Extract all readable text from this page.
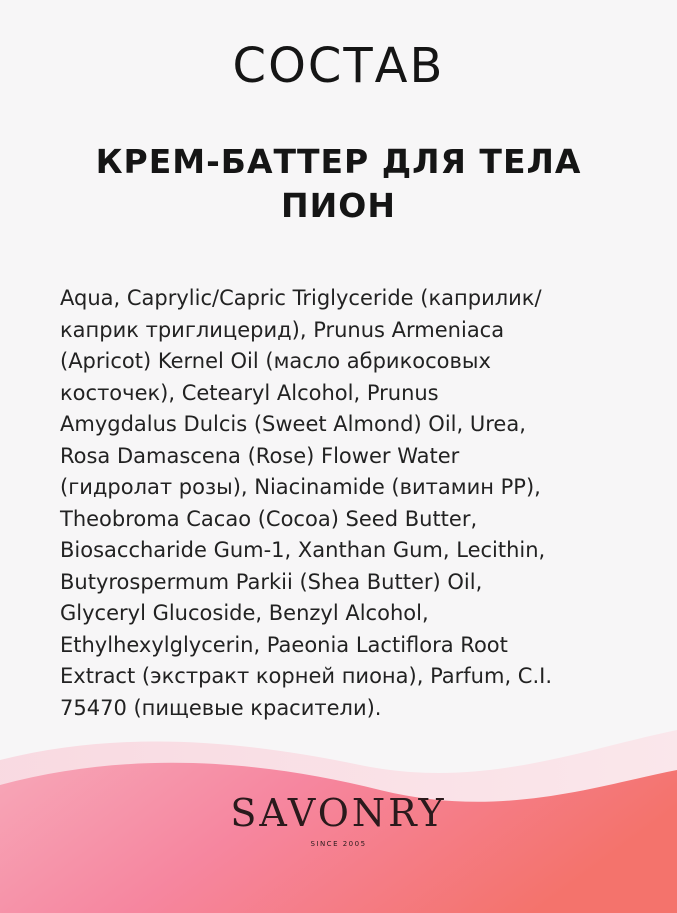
СОСТАВ
КРЕМ-БАТТЕР ДЛЯ ТЕЛА
ПИОН

Aqua, Caprylic/Capric Triglyceride (каприлик/
каприк триглицерид), Prunus Armeniaca
(Apricot) Kernel Oil (масло абрикосовых
косточек), Cetearyl Alcohol, Prunus
Amygdalus Dulcis (Sweet Almond) Oil, Urea,
Rosa Damascena (Rose) Flower Water
(гидролат розы), Niacinamide (витамин PP),
Theobroma Cacao (Cocoa) Seed Butter,
Biosaccharide Gum-1, Xanthan Gum, Lecithin,
Butyrospermum Parkii (Shea Butter) Oil,
Glyceryl Glucoside, Benzyl Alcohol,
Ethylhexylglycerin, Paeonia Lactiflora Root
Extract (экстракт корней пиона), Parfum, C.I.
75470 (пищевые красители).

SAVONRY
SINCE 2005
